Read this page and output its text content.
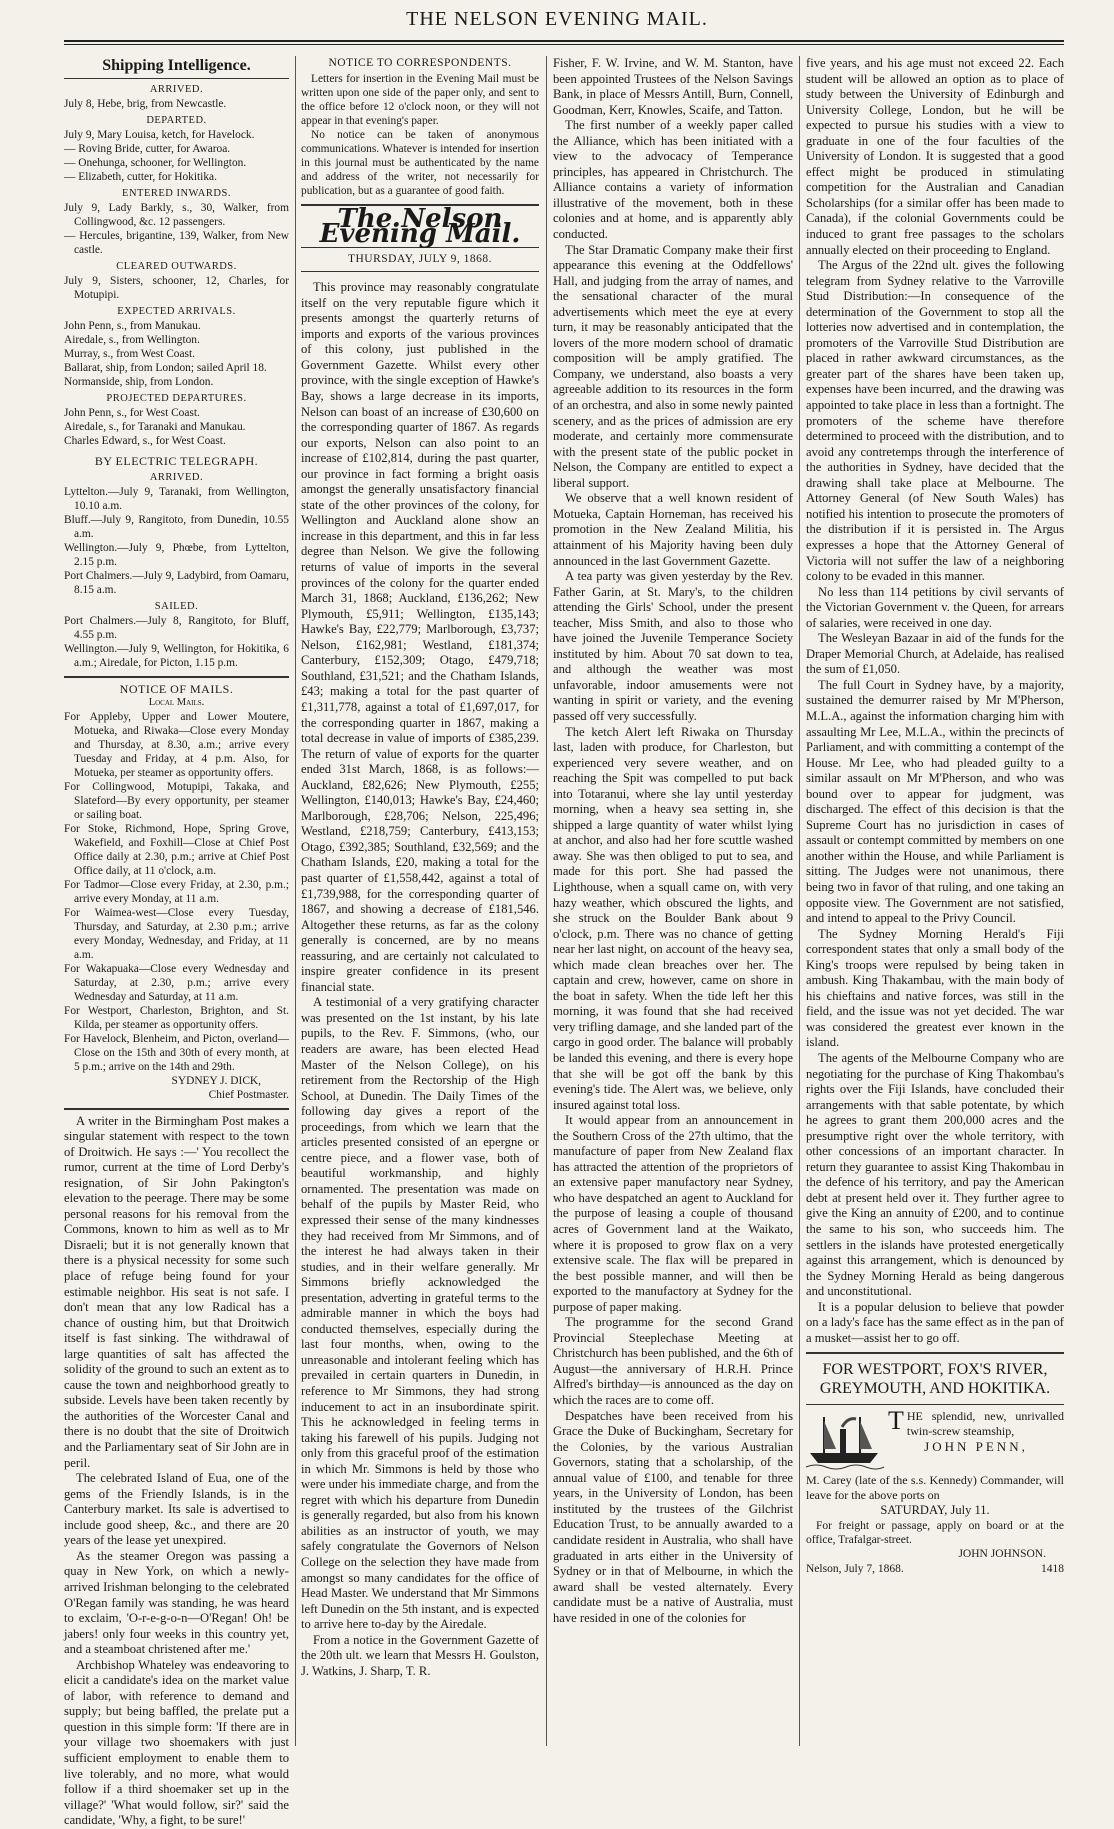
THE NELSON EVENING MAIL.
Shipping Intelligence.
ARRIVED.

July 8, Hebe, brig, from Newcastle.

DEPARTED.

July 9, Mary Louisa, ketch, for Havelock.

— Roving Bride, cutter, for Awaroa.

— Onehunga, schooner, for Wellington.

— Elizabeth, cutter, for Hokitika.

ENTERED INWARDS.

July 9, Lady Barkly, s., 30, Walker, from Collingwood, &c. 12 passengers.

— Hercules, brigantine, 139, Walker, from New castle.

CLEARED OUTWARDS.

July 9, Sisters, schooner, 12, Charles, for Motupipi.

EXPECTED ARRIVALS.

John Penn, s., from Manukau.

Airedale, s., from Wellington.

Murray, s., from West Coast.

Ballarat, ship, from London; sailed April 18.

Normanside, ship, from London.

PROJECTED DEPARTURES.

John Penn, s., for West Coast.

Airedale, s., for Taranaki and Manukau.

Charles Edward, s., for West Coast.

BY ELECTRIC TELEGRAPH.
ARRIVED.

Lyttelton.—July 9, Taranaki, from Wellington, 10.10 a.m.

Bluff.—July 9, Rangitoto, from Dunedin, 10.55 a.m.

Wellington.—July 9, Phœbe, from Lyttelton, 2.15 p.m.

Port Chalmers.—July 9, Ladybird, from Oamaru, 8.15 a.m.

SAILED.

Port Chalmers.—July 8, Rangitoto, for Bluff, 4.55 p.m.

Wellington.—July 9, Wellington, for Hokitika, 6 a.m.; Airedale, for Picton, 1.15 p.m.

NOTICE OF MAILS.
Local Mails.

For Appleby, Upper and Lower Moutere, Motueka, and Riwaka—Close every Monday and Thursday, at 8.30, a.m.; arrive every Tuesday and Friday, at 4 p.m. Also, for Motueka, per steamer as opportunity offers.

For Collingwood, Motupipi, Takaka, and Slateford—By every opportunity, per steamer or sailing boat.

For Stoke, Richmond, Hope, Spring Grove, Wakefield, and Foxhill—Close at Chief Post Office daily at 2.30, p.m.; arrive at Chief Post Office daily, at 11 o'clock, a.m.

For Tadmor—Close every Friday, at 2.30, p.m.; arrive every Monday, at 11 a.m.

For Waimea-west—Close every Tuesday, Thursday, and Saturday, at 2.30 p.m.; arrive every Monday, Wednesday, and Friday, at 11 a.m.

For Wakapuaka—Close every Wednesday and Saturday, at 2.30, p.m.; arrive every Wednesday and Saturday, at 11 a.m.

For Westport, Charleston, Brighton, and St. Kilda, per steamer as opportunity offers.

For Havelock, Blenheim, and Picton, overland—Close on the 15th and 30th of every month, at 5 p.m.; arrive on the 14th and 29th.

SYDNEY J. DICK,
Chief Postmaster.

A writer in the Birmingham Post makes a singular statement with respect to the town of Droitwich. He says :—' You recollect the rumor, current at the time of Lord Derby's resignation, of Sir John Pakington's elevation to the peerage. There may be some personal reasons for his removal from the Commons, known to him as well as to Mr Disraeli; but it is not generally known that there is a physical necessity for some such place of refuge being found for your estimable neighbor. His seat is not safe. I don't mean that any low Radical has a chance of ousting him, but that Droitwich itself is fast sinking. The withdrawal of large quantities of salt has affected the solidity of the ground to such an extent as to cause the town and neighborhood greatly to subside. Levels have been taken recently by the authorities of the Worcester Canal and there is no doubt that the site of Droitwich and the Parliamentary seat of Sir John are in peril.

The celebrated Island of Eua, one of the gems of the Friendly Islands, is in the Canterbury market. Its sale is advertised to include good sheep, &c., and there are 20 years of the lease yet unexpired.

As the steamer Oregon was passing a quay in New York, on which a newly-arrived Irishman belonging to the celebrated O'Regan family was standing, he was heard to exclaim, 'O-r-e-g-o-n—O'Regan! Oh! be jabers! only four weeks in this country yet, and a steamboat christened after me.'

Archbishop Whateley was endeavoring to elicit a candidate's idea on the market value of labor, with reference to demand and supply; but being baffled, the prelate put a question in this simple form: 'If there are in your village two shoemakers with just sufficient employment to enable them to live tolerably, and no more, what would follow if a third shoemaker set up in the village?' 'What would follow, sir?' said the candidate, 'Why, a fight, to be sure!'

NOTICE TO CORRESPONDENTS.

Letters for insertion in the Evening Mail must be written upon one side of the paper only, and sent to the office before 12 o'clock noon, or they will not appear in that evening's paper.

No notice can be taken of anonymous communications. Whatever is intended for insertion in this journal must be authenticated by the name and address of the writer, not necessarily for publication, but as a guarantee of good faith.

The Nelson Evening Mail.
THURSDAY, JULY 9, 1868.

This province may reasonably congratulate itself on the very reputable figure which it presents amongst the quarterly returns of imports and exports of the various provinces of this colony, just published in the Government Gazette. Whilst every other province, with the single exception of Hawke's Bay, shows a large decrease in its imports, Nelson can boast of an increase of £30,600 on the corresponding quarter of 1867. As regards our exports, Nelson can also point to an increase of £102,814, during the past quarter, our province in fact forming a bright oasis amongst the generally unsatisfactory financial state of the other provinces of the colony, for Wellington and Auckland alone show an increase in this department, and this in far less degree than Nelson. We give the following returns of value of imports in the several provinces of the colony for the quarter ended March 31, 1868; Auckland, £136,262; New Plymouth, £5,911; Wellington, £135,143; Hawke's Bay, £22,779; Marlborough, £3,737; Nelson, £162,981; Westland, £181,374; Canterbury, £152,309; Otago, £479,718; Southland, £31,521; and the Chatham Islands, £43; making a total for the past quarter of £1,311,778, against a total of £1,697,017, for the corresponding quarter in 1867, making a total decrease in value of imports of £385,239. The return of value of exports for the quarter ended 31st March, 1868, is as follows:—Auckland, £82,626; New Plymouth, £255; Wellington, £140,013; Hawke's Bay, £24,460; Marlborough, £28,706; Nelson, 225,496; Westland, £218,759; Canterbury, £413,153; Otago, £392,385; Southland, £32,569; and the Chatham Islands, £20, making a total for the past quarter of £1,558,442, against a total of £1,739,988, for the corresponding quarter of 1867, and showing a decrease of £181,546. Altogether these returns, as far as the colony generally is concerned, are by no means reassuring, and are certainly not calculated to inspire greater confidence in its present financial state.

A testimonial of a very gratifying character was presented on the 1st instant, by his late pupils, to the Rev. F. Simmons, (who, our readers are aware, has been elected Head Master of the Nelson College), on his retirement from the Rectorship of the High School, at Dunedin. The Daily Times of the following day gives a report of the proceedings, from which we learn that the articles presented consisted of an epergne or centre piece, and a flower vase, both of beautiful workmanship, and highly ornamented. The presentation was made on behalf of the pupils by Master Reid, who expressed their sense of the many kindnesses they had received from Mr Simmons, and of the interest he had always taken in their studies, and in their welfare generally. Mr Simmons briefly acknowledged the presentation, adverting in grateful terms to the admirable manner in which the boys had conducted themselves, especially during the last four months, when, owing to the unreasonable and intolerant feeling which has prevailed in certain quarters in Dunedin, in reference to Mr Simmons, they had strong inducement to act in an insubordinate spirit. This he acknowledged in feeling terms in taking his farewell of his pupils. Judging not only from this graceful proof of the estimation in which Mr. Simmons is held by those who were under his immediate charge, and from the regret with which his departure from Dunedin is generally regarded, but also from his known abilities as an instructor of youth, we may safely congratulate the Governors of Nelson College on the selection they have made from amongst so many candidates for the office of Head Master. We understand that Mr Simmons left Dunedin on the 5th instant, and is expected to arrive here to-day by the Airedale.

From a notice in the Government Gazette of the 20th ult. we learn that Messrs H. Goulston, J. Watkins, J. Sharp, T. R.

Fisher, F. W. Irvine, and W. M. Stanton, have been appointed Trustees of the Nelson Savings Bank, in place of Messrs Antill, Burn, Connell, Goodman, Kerr, Knowles, Scaife, and Tatton.

The first number of a weekly paper called the Alliance, which has been initiated with a view to the advocacy of Temperance principles, has appeared in Christchurch. The Alliance contains a variety of information illustrative of the movement, both in these colonies and at home, and is apparently ably conducted.

The Star Dramatic Company make their first appearance this evening at the Oddfellows' Hall, and judging from the array of names, and the sensational character of the mural advertisements which meet the eye at every turn, it may be reasonably anticipated that the lovers of the more modern school of dramatic composition will be amply gratified. The Company, we understand, also boasts a very agreeable addition to its resources in the form of an orchestra, and also in some newly painted scenery, and as the prices of admission are ery moderate, and certainly more commensurate with the present state of the public pocket in Nelson, the Company are entitled to expect a liberal support.

We observe that a well known resident of Motueka, Captain Horneman, has received his promotion in the New Zealand Militia, his attainment of his Majority having been duly announced in the last Government Gazette.

A tea party was given yesterday by the Rev. Father Garin, at St. Mary's, to the children attending the Girls' School, under the present teacher, Miss Smith, and also to those who have joined the Juvenile Temperance Society instituted by him. About 70 sat down to tea, and although the weather was most unfavorable, indoor amusements were not wanting in spirit or variety, and the evening passed off very successfully.

The ketch Alert left Riwaka on Thursday last, laden with produce, for Charleston, but experienced very severe weather, and on reaching the Spit was compelled to put back into Totaranui, where she lay until yesterday morning, when a heavy sea setting in, she shipped a large quantity of water whilst lying at anchor, and also had her fore scuttle washed away. She was then obliged to put to sea, and made for this port. She had passed the Lighthouse, when a squall came on, with very hazy weather, which obscured the lights, and she struck on the Boulder Bank about 9 o'clock, p.m. There was no chance of getting near her last night, on account of the heavy sea, which made clean breaches over her. The captain and crew, however, came on shore in the boat in safety. When the tide left her this morning, it was found that she had received very trifling damage, and she landed part of the cargo in good order. The balance will probably be landed this evening, and there is every hope that she will be got off the bank by this evening's tide. The Alert was, we believe, only insured against total loss.

It would appear from an announcement in the Southern Cross of the 27th ultimo, that the manufacture of paper from New Zealand flax has attracted the attention of the proprietors of an extensive paper manufactory near Sydney, who have despatched an agent to Auckland for the purpose of leasing a couple of thousand acres of Government land at the Waikato, where it is proposed to grow flax on a very extensive scale. The flax will be prepared in the best possible manner, and will then be exported to the manufactory at Sydney for the purpose of paper making.

The programme for the second Grand Provincial Steeplechase Meeting at Christchurch has been published, and the 6th of August—the anniversary of H.R.H. Prince Alfred's birthday—is announced as the day on which the races are to come off.

Despatches have been received from his Grace the Duke of Buckingham, Secretary for the Colonies, by the various Australian Governors, stating that a scholarship, of the annual value of £100, and tenable for three years, in the University of London, has been instituted by the trustees of the Gilchrist Education Trust, to be annually awarded to a candidate resident in Australia, who shall have graduated in arts either in the University of Sydney or in that of Melbourne, in which the award shall be vested alternately. Every candidate must be a native of Australia, must have resided in one of the colonies for

five years, and his age must not exceed 22. Each student will be allowed an option as to place of study between the University of Edinburgh and University College, London, but he will be expected to pursue his studies with a view to graduate in one of the four faculties of the University of London. It is suggested that a good effect might be produced in stimulating competition for the Australian and Canadian Scholarships (for a similar offer has been made to Canada), if the colonial Governments could be induced to grant free passages to the scholars annually elected on their proceeding to England.

The Argus of the 22nd ult. gives the following telegram from Sydney relative to the Varroville Stud Distribution:—In consequence of the determination of the Government to stop all the lotteries now advertised and in contemplation, the promoters of the Varroville Stud Distribution are placed in rather awkward circumstances, as the greater part of the shares have been taken up, expenses have been incurred, and the drawing was appointed to take place in less than a fortnight. The promoters of the scheme have therefore determined to proceed with the distribution, and to avoid any contretemps through the interference of the authorities in Sydney, have decided that the drawing shall take place at Melbourne. The Attorney General (of New South Wales) has notified his intention to prosecute the promoters of the distribution if it is persisted in. The Argus expresses a hope that the Attorney General of Victoria will not suffer the law of a neighboring colony to be evaded in this manner.

No less than 114 petitions by civil servants of the Victorian Government v. the Queen, for arrears of salaries, were received in one day.

The Wesleyan Bazaar in aid of the funds for the Draper Memorial Church, at Adelaide, has realised the sum of £1,050.

The full Court in Sydney have, by a majority, sustained the demurrer raised by Mr M'Pherson, M.L.A., against the information charging him with assaulting Mr Lee, M.L.A., within the precincts of Parliament, and with committing a contempt of the House. Mr Lee, who had pleaded guilty to a similar assault on Mr M'Pherson, and who was bound over to appear for judgment, was discharged. The effect of this decision is that the Supreme Court has no jurisdiction in cases of assault or contempt committed by members on one another within the House, and while Parliament is sitting. The Judges were not unanimous, there being two in favor of that ruling, and one taking an opposite view. The Government are not satisfied, and intend to appeal to the Privy Council.

The Sydney Morning Herald's Fiji correspondent states that only a small body of the King's troops were repulsed by being taken in ambush. King Thakambau, with the main body of his chieftains and native forces, was still in the field, and the issue was not yet decided. The war was considered the greatest ever known in the island.

The agents of the Melbourne Company who are negotiating for the purchase of King Thakombau's rights over the Fiji Islands, have concluded their arrangements with that sable potentate, by which he agrees to grant them 200,000 acres and the presumptive right over the whole territory, with other concessions of an important character. In return they guarantee to assist King Thakombau in the defence of his territory, and pay the American debt at present held over it. They further agree to give the King an annuity of £200, and to continue the same to his son, who succeeds him. The settlers in the islands have protested energetically against this arrangement, which is denounced by the Sydney Morning Herald as being dangerous and unconstitutional.

It is a popular delusion to believe that powder on a lady's face has the same effect as in the pan of a musket—assist her to go off.

FOR WESTPORT, FOX'S RIVER, GREYMOUTH, AND HOKITIKA.
T HE splendid, new, unrivalled twin-screw steamship,
JOHN PENN,
M. Carey (late of the s.s. Kennedy) Commander, will leave for the above ports on
SATURDAY, July 11.
For freight or passage, apply on board or at the office, Trafalgar-street.
JOHN JOHNSON.
Nelson, July 7, 1868.	1418
